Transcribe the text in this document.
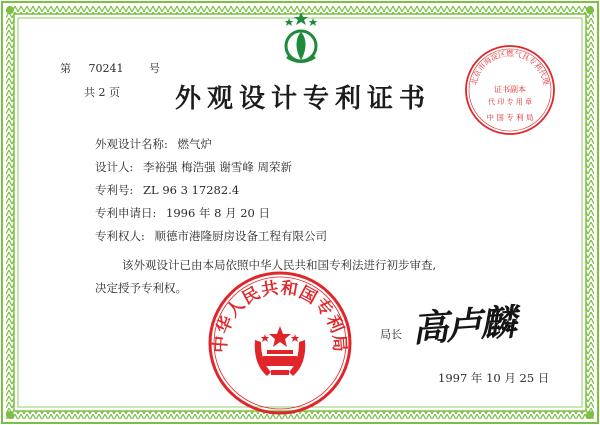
第 70241 号
共 2 页 外观设计专利证书
北京市海淀区燃气具专利代理
证书副本
代 印 专 用 章
中 国 专 利 局
外观设计名称: 燃气炉
设计人: 李裕强 梅浩强 谢雪峰 周荣新
专利号: ZL 96 3 17282.4
专利申请日: 1996 年 8 月 20 日
专利权人: 顺德市港隆厨房设备工程有限公司
该外观设计已由本局依照中华人民共和国专利法进行初步审查,
决定授予专利权。
中华人民共和国专利局	局长 高卢麟
1997 年 10 月 25 日
